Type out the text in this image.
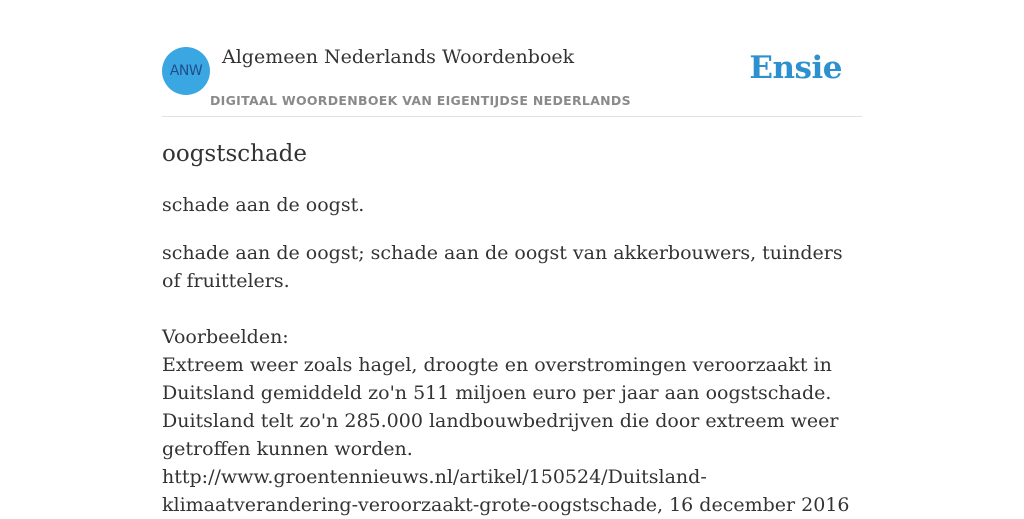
ANW
Algemeen Nederlands Woordenboek
DIGITAAL WOORDENBOEK VAN EIGENTIJDSE NEDERLANDS
Ensie
oogstschade
schade aan de oogst.
schade aan de oogst; schade aan de oogst van akkerbouwers, tuinders of fruittelers.

Voorbeelden:
Extreem weer zoals hagel, droogte en overstromingen veroorzaakt in Duitsland gemiddeld zo'n 511 miljoen euro per jaar aan oogstschade. Duitsland telt zo'n 285.000 landbouwbedrijven die door extreem weer getroffen kunnen worden. http://www.groentennieuws.nl/artikel/150524/Duitsland-klimaatverandering-veroorzaakt-grote-oogstschade, 16 december 2016
